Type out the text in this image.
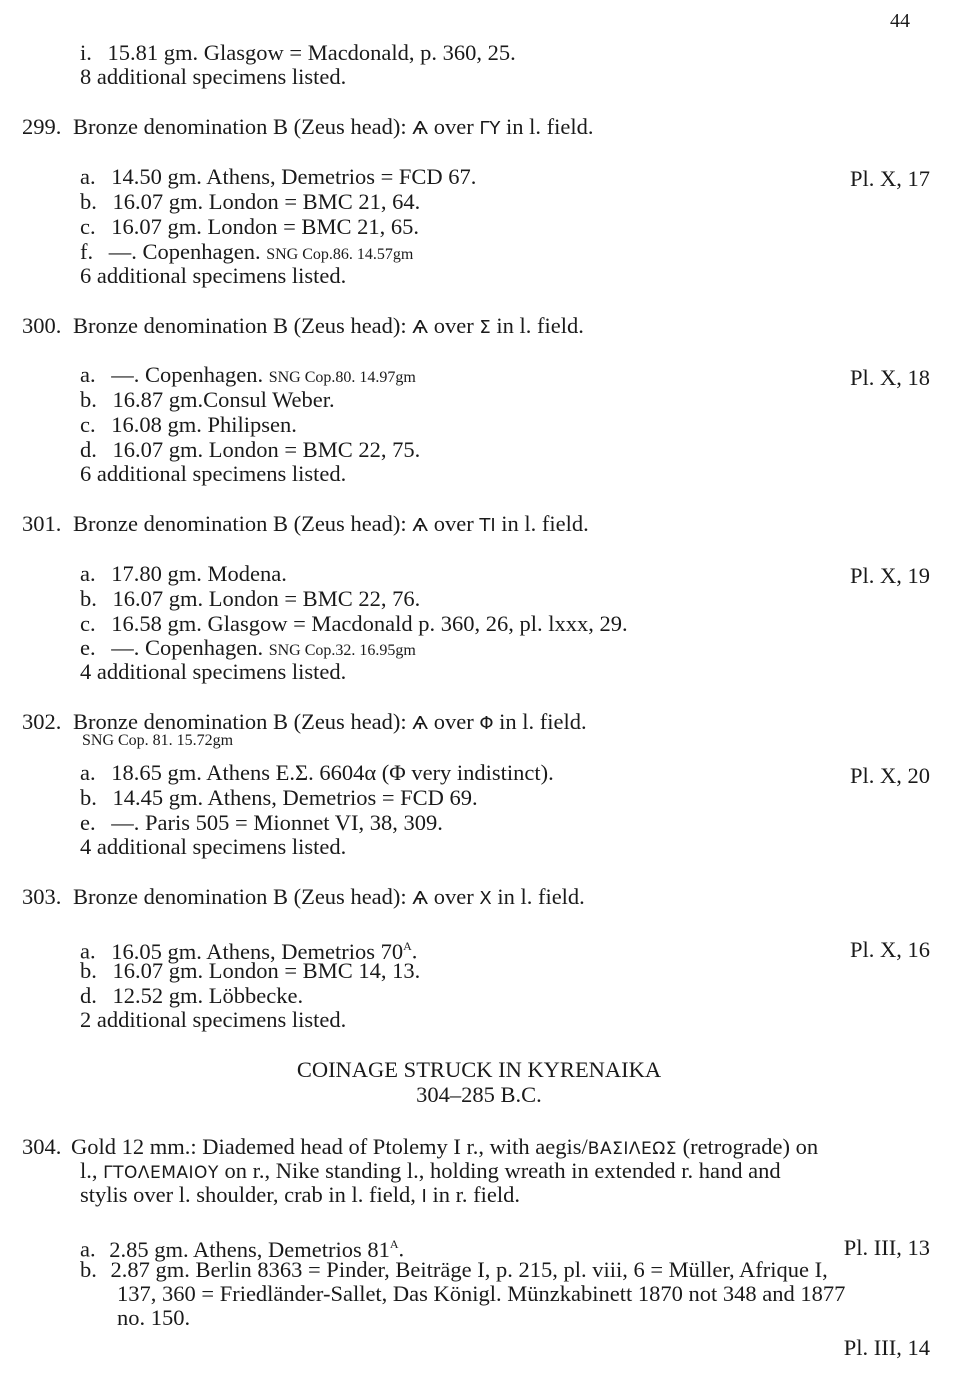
44
i. 15.81 gm. Glasgow = Macdonald, p. 360, 25.
8 additional specimens listed.
299. Bronze denomination B (Zeus head): Ѧ over ΓΥ in l. field.
a. 14.50 gm. Athens, Demetrios = FCD 67.	Pl. X, 17
b. 16.07 gm. London = BMC 21, 64.
c. 16.07 gm. London = BMC 21, 65.
f. —. Copenhagen. SNG Cop.86. 14.57gm
6 additional specimens listed.
300. Bronze denomination B (Zeus head): Ѧ over Σ in l. field.
a. —. Copenhagen. SNG Cop.80. 14.97gm	Pl. X, 18
b. 16.87 gm.Consul Weber.
c. 16.08 gm. Philipsen.
d. 16.07 gm. London = BMC 22, 75.
6 additional specimens listed.
301. Bronze denomination B (Zeus head): Ѧ over TI in l. field.
a. 17.80 gm. Modena.	Pl. X, 19
b. 16.07 gm. London = BMC 22, 76.
c. 16.58 gm. Glasgow = Macdonald p. 360, 26, pl. lxxx, 29.
e. —. Copenhagen. SNG Cop.32. 16.95gm
4 additional specimens listed.
302. Bronze denomination B (Zeus head): Ѧ over Φ in l. field.
SNG Cop. 81. 15.72gm
a. 18.65 gm. Athens Ε.Σ. 6604α (Φ very indistinct).	Pl. X, 20
b. 14.45 gm. Athens, Demetrios = FCD 69.
e. —. Paris 505 = Mionnet VI, 38, 309.
4 additional specimens listed.
303. Bronze denomination B (Zeus head): Ѧ over Χ in l. field.
a. 16.05 gm. Athens, Demetrios $70^A$.	Pl. X, 16
b. 16.07 gm. London = BMC 14, 13.
d. 12.52 gm. Löbbecke.
2 additional specimens listed.
COINAGE STRUCK IN KYRENAIKA
304–285 B.C.
304. Gold 12 mm.: Diademed head of Ptolemy I r., with aegis/ΒΑΣΙΛΕΩΣ (retrograde) on
l., ΓΤΟΛΕΜΑΙΟΥ on r., Nike standing l., holding wreath in extended r. hand and
stylis over l. shoulder, crab in l. field, Ι in r. field.
a. 2.85 gm. Athens, Demetrios $81^A$.	Pl. III, 13
b. 2.87 gm. Berlin 8363 = Pinder, Beiträge I, p. 215, pl. viii, 6 = Müller, Afrique I,
137, 360 = Friedländer-Sallet, Das Königl. Münzkabinett 1870 not 348 and 1877
no. 150.
Pl. III, 14
